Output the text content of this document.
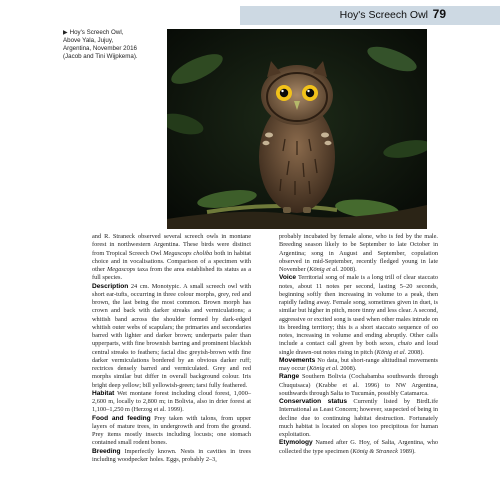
Hoy's Screech Owl 79
▶ Hoy's Screech Owl,
Above Yala, Jujuy,
Argentina, November 2016
(Jacob and Tini Wijpkema).

and R. Straneck observed several screech owls in montane forest in northwestern Argentina. These birds were distinct from Tropical Screech Owl Megascops choliba both in habitat choice and in vocalisations. Comparison of a specimen with other Megascops taxa from the area established its status as a full species.

Description 24 cm. Monotypic. A small screech owl with short ear-tufts, occurring in three colour morphs, grey, red and brown, the last being the most common. Brown morph has crown and back with darker streaks and vermiculations; a whitish band across the shoulder formed by dark-edged whitish outer webs of scapulars; the primaries and secondaries barred with lighter and darker brown; underparts paler than upperparts, with fine brownish barring and prominent blackish central streaks to feathers; facial disc greyish-brown with fine darker vermiculations bordered by an obvious darker ruff; rectrices densely barred and vermiculated. Grey and red morphs similar but differ in overall background colour. Iris bright deep yellow; bill yellowish-green; tarsi fully feathered.

Habitat Wet montane forest including cloud forest, 1,000–2,600 m, locally to 2,800 m; in Bolivia, also in drier forest at 1,100–1,250 m (Herzog et al. 1999).

Food and feeding Prey taken with talons, from upper layers of mature trees, in undergrowth and from the ground. Prey items mostly insects including locusts; one stomach contained small rodent bones.

Breeding Imperfectly known. Nests in cavities in trees including woodpecker holes. Eggs, probably 2–3,

probably incubated by female alone, who is fed by the male. Breeding season likely to be September to late October in Argentina; song in August and September, copulation observed in mid-September, recently fledged young in late November (König et al. 2008).

Voice Territorial song of male is a long trill of clear staccato notes, about 11 notes per second, lasting 5–20 seconds, beginning softly then increasing in volume to a peak, then rapidly fading away. Female song, sometimes given in duet, is similar but higher in pitch, more tinny and less clear. A second, aggressive or excited song is used when other males intrude on its breeding territory; this is a short staccato sequence of oo notes, increasing in volume and ending abruptly. Other calls include a contact call given by both sexes, chuio and loud single drawn-out notes rising in pitch (König et al. 2008).

Movements No data, but short-range altitudinal movements may occur (König et al. 2008).

Range Southern Bolivia (Cochabamba southwards through Chuquisaca) (Krabbe et al. 1996) to NW Argentina, southwards through Salta to Tucumán, possibly Catamarca.

Conservation status Currently listed by BirdLife International as Least Concern; however, suspected of being in decline due to continuing habitat destruction. Fortunately much habitat is located on slopes too precipitous for human exploitation.

Etymology Named after G. Hoy, of Salta, Argentina, who collected the type specimen (König & Straneck 1989).
